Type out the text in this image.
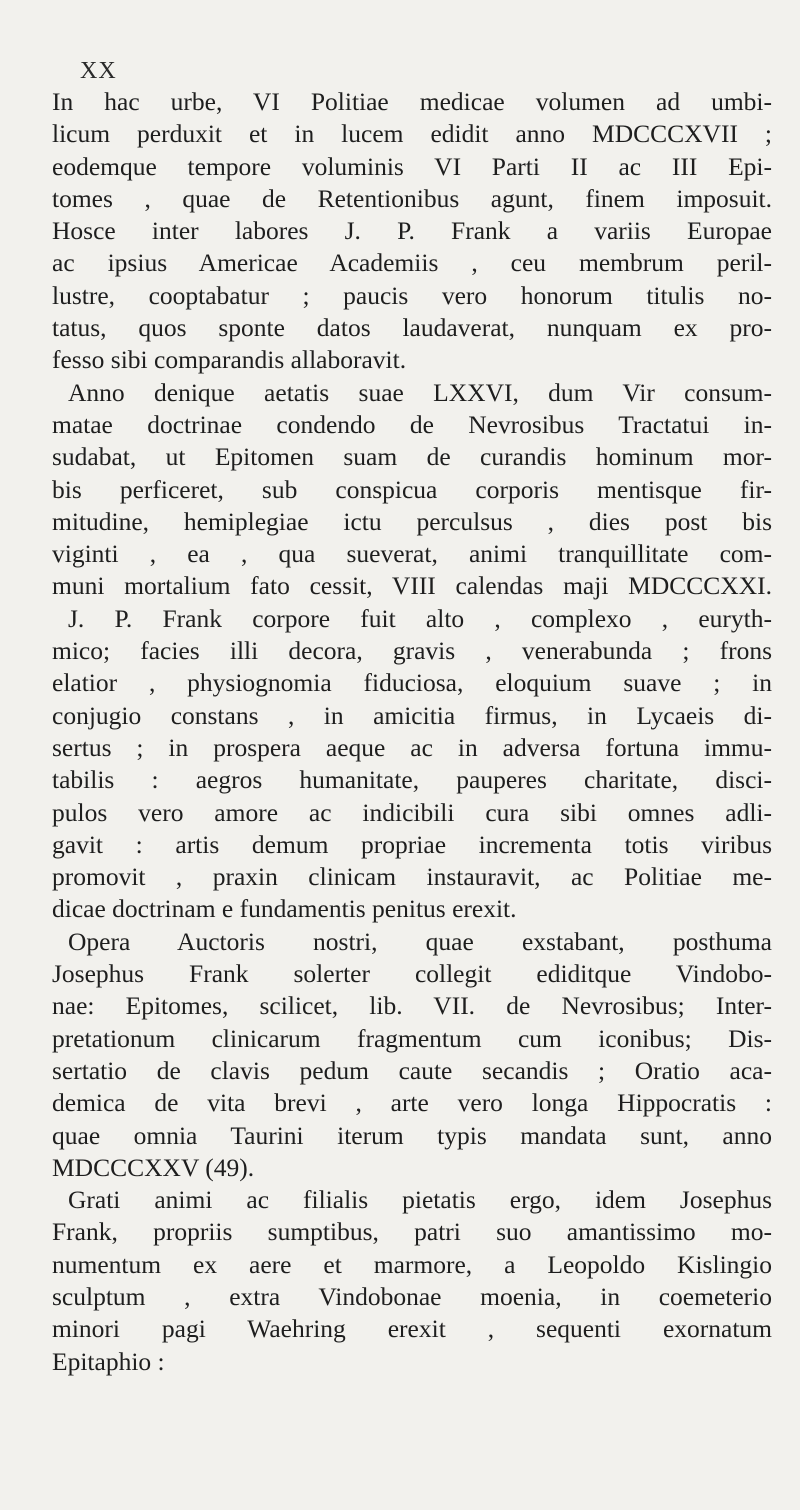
XX
In hac urbe, VI Politiae medicae volumen ad umbi-
licum perduxit et in lucem edidit anno MDCCCXVII ;
eodemque tempore voluminis VI Parti II ac III Epi-
tomes , quae de Retentionibus agunt, finem imposuit.
Hosce inter labores J. P. Frank a variis Europae
ac ipsius Americae Academiis , ceu membrum peril-
lustre, cooptabatur ; paucis vero honorum titulis no-
tatus, quos sponte datos laudaverat, nunquam ex pro-
fesso sibi comparandis allaboravit.
Anno denique aetatis suae LXXVI, dum Vir consum-
matae doctrinae condendo de Nevrosibus Tractatui in-
sudabat, ut Epitomen suam de curandis hominum mor-
bis perficeret, sub conspicua corporis mentisque fir-
mitudine, hemiplegiae ictu perculsus , dies post bis
viginti , ea , qua sueverat, animi tranquillitate com-
muni mortalium fato cessit, VIII calendas maji MDCCCXXI.
J. P. Frank corpore fuit alto , complexo , euryth-
mico; facies illi decora, gravis , venerabunda ; frons
elatior , physiognomia fiduciosa, eloquium suave ; in
conjugio constans , in amicitia firmus, in Lycaeis di-
sertus ; in prospera aeque ac in adversa fortuna immu-
tabilis : aegros humanitate, pauperes charitate, disci-
pulos vero amore ac indicibili cura sibi omnes adli-
gavit : artis demum propriae incrementa totis viribus
promovit , praxin clinicam instauravit, ac Politiae me-
dicae doctrinam e fundamentis penitus erexit.
Opera Auctoris nostri, quae exstabant, posthuma
Josephus Frank solerter collegit ediditque Vindobo-
nae: Epitomes, scilicet, lib. VII. de Nevrosibus; Inter-
pretationum clinicarum fragmentum cum iconibus; Dis-
sertatio de clavis pedum caute secandis ; Oratio aca-
demica de vita brevi , arte vero longa Hippocratis :
quae omnia Taurini iterum typis mandata sunt, anno
MDCCCXXV (49).
Grati animi ac filialis pietatis ergo, idem Josephus
Frank, propriis sumptibus, patri suo amantissimo mo-
numentum ex aere et marmore, a Leopoldo Kislingio
sculptum , extra Vindobonae moenia, in coemeterio
minori pagi Waehring erexit , sequenti exornatum
Epitaphio :
